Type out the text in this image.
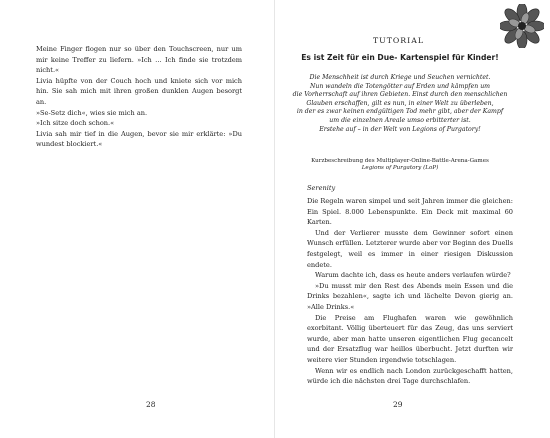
Meine Finger flogen nur so über den Touchscreen, nur um mir keine Treffer zu liefern. »Ich … Ich finde sie trotzdem nicht.«

Livia hüpfte von der Couch hoch und kniete sich vor mich hin. Sie sah mich mit ihren großen dunklen Augen besorgt an.

»Se-Setz dich«, wies sie mich an.

»Ich sitze doch schon.«

Livia sah mir tief in die Augen, bevor sie mir erklärte: »Du wundest blockiert.«

28
TUTORIAL
Es ist Zeit für ein Due- Kartenspiel für Kinder!

Die Menschheit ist durch Kriege und Seuchen vernichtet.

Nun wandeln die Totengötter auf Erden und kämpfen um

die Vorherrschaft auf ihren Gebieten. Einst durch den menschlichen

Glauben erschaffen, gilt es nun, in einer Welt zu überleben,

in der es zwar keinen endgültigen Tod mehr gibt, aber der Kampf

um die einzelnen Areale umso erbitterter ist.

Erstehe auf – in der Welt von Legions of Purgatory!

Kurzbeschreibung des Multiplayer-Online-Battle-Arena-Games
Legions of Purgatory (LoP)
Serenity

Die Regeln waren simpel und seit Jahren immer die gleichen: Ein Spiel. 8.000 Lebenspunkte. Ein Deck mit maximal 60 Karten.

Und der Verlierer musste dem Gewinner sofort einen Wunsch erfüllen. Letzterer wurde aber vor Beginn des Duells festgelegt, weil es immer in einer riesigen Diskussion endete.

Warum dachte ich, dass es heute anders verlaufen würde?

»Du musst mir den Rest des Abends mein Essen und die Drinks bezahlen«, sagte ich und lächelte Devon gierig an. »Alle Drinks.«

Die Preise am Flughafen waren wie gewöhnlich exorbitant. Völlig überteuert für das Zeug, das uns serviert wurde, aber man hatte unseren eigentlichen Flug gecancelt und der Ersatzflug war heillos überbucht. Jetzt durften wir weitere vier Stunden irgendwie totschlagen.

Wenn wir es endlich nach London zurückgeschafft hatten, würde ich die nächsten drei Tage durchschlafen.

29
